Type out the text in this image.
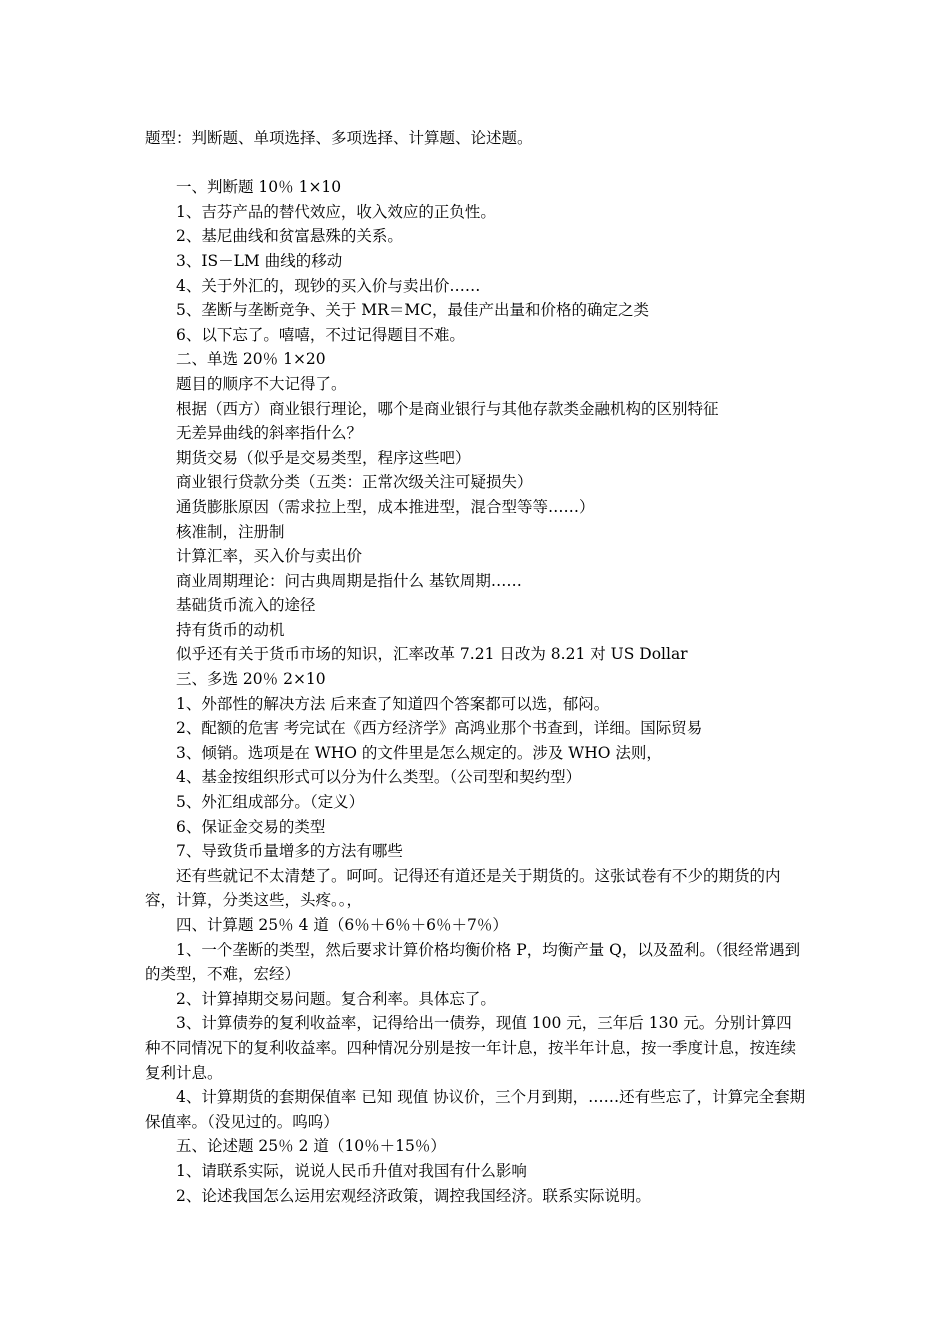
题型：判断题、单项选择、多项选择、计算题、论述题。

一、判断题 10％ 1×10

1、吉芬产品的替代效应，收入效应的正负性。

2、基尼曲线和贫富悬殊的关系。

3、IS－LM 曲线的移动

4、关于外汇的，现钞的买入价与卖出价……

5、垄断与垄断竞争、关于 MR＝MC，最佳产出量和价格的确定之类

6、以下忘了。嘻嘻，不过记得题目不难。

二、单选 20％ 1×20

题目的顺序不大记得了。

根据（西方）商业银行理论，哪个是商业银行与其他存款类金融机构的区别特征

无差异曲线的斜率指什么？

期货交易（似乎是交易类型，程序这些吧）

商业银行贷款分类（五类：正常次级关注可疑损失）

通货膨胀原因（需求拉上型，成本推进型，混合型等等……）

核准制，注册制

计算汇率，买入价与卖出价

商业周期理论：问古典周期是指什么 基钦周期……

基础货币流入的途径

持有货币的动机

似乎还有关于货币市场的知识，汇率改革 7.21 日改为 8.21 对 US Dollar

三、多选 20％ 2×10

1、外部性的解决方法 后来查了知道四个答案都可以选，郁闷。

2、配额的危害 考完试在《西方经济学》高鸿业那个书查到，详细。国际贸易

3、倾销。选项是在 WHO 的文件里是怎么规定的。涉及 WHO 法则，

4、基金按组织形式可以分为什么类型。（公司型和契约型）

5、外汇组成部分。（定义）

6、保证金交易的类型

7、导致货币量增多的方法有哪些

还有些就记不太清楚了。呵呵。记得还有道还是关于期货的。这张试卷有不少的期货的内容，计算，分类这些，头疼。。，

四、计算题 25％ 4 道（6％＋6％＋6％＋7％）

1、一个垄断的类型，然后要求计算价格均衡价格 P，均衡产量 Q，以及盈利。（很经常遇到的类型，不难，宏经）

2、计算掉期交易问题。复合利率。具体忘了。

3、计算债券的复利收益率，记得给出一债券，现值 100 元，三年后 130 元。分别计算四种不同情况下的复利收益率。四种情况分别是按一年计息，按半年计息，按一季度计息，按连续复利计息。

4、计算期货的套期保值率 已知 现值 协议价，三个月到期，……还有些忘了，计算完全套期保值率。（没见过的。呜呜）

五、论述题 25％ 2 道（10％＋15％）

1、请联系实际，说说人民币升值对我国有什么影响

2、论述我国怎么运用宏观经济政策，调控我国经济。联系实际说明。
